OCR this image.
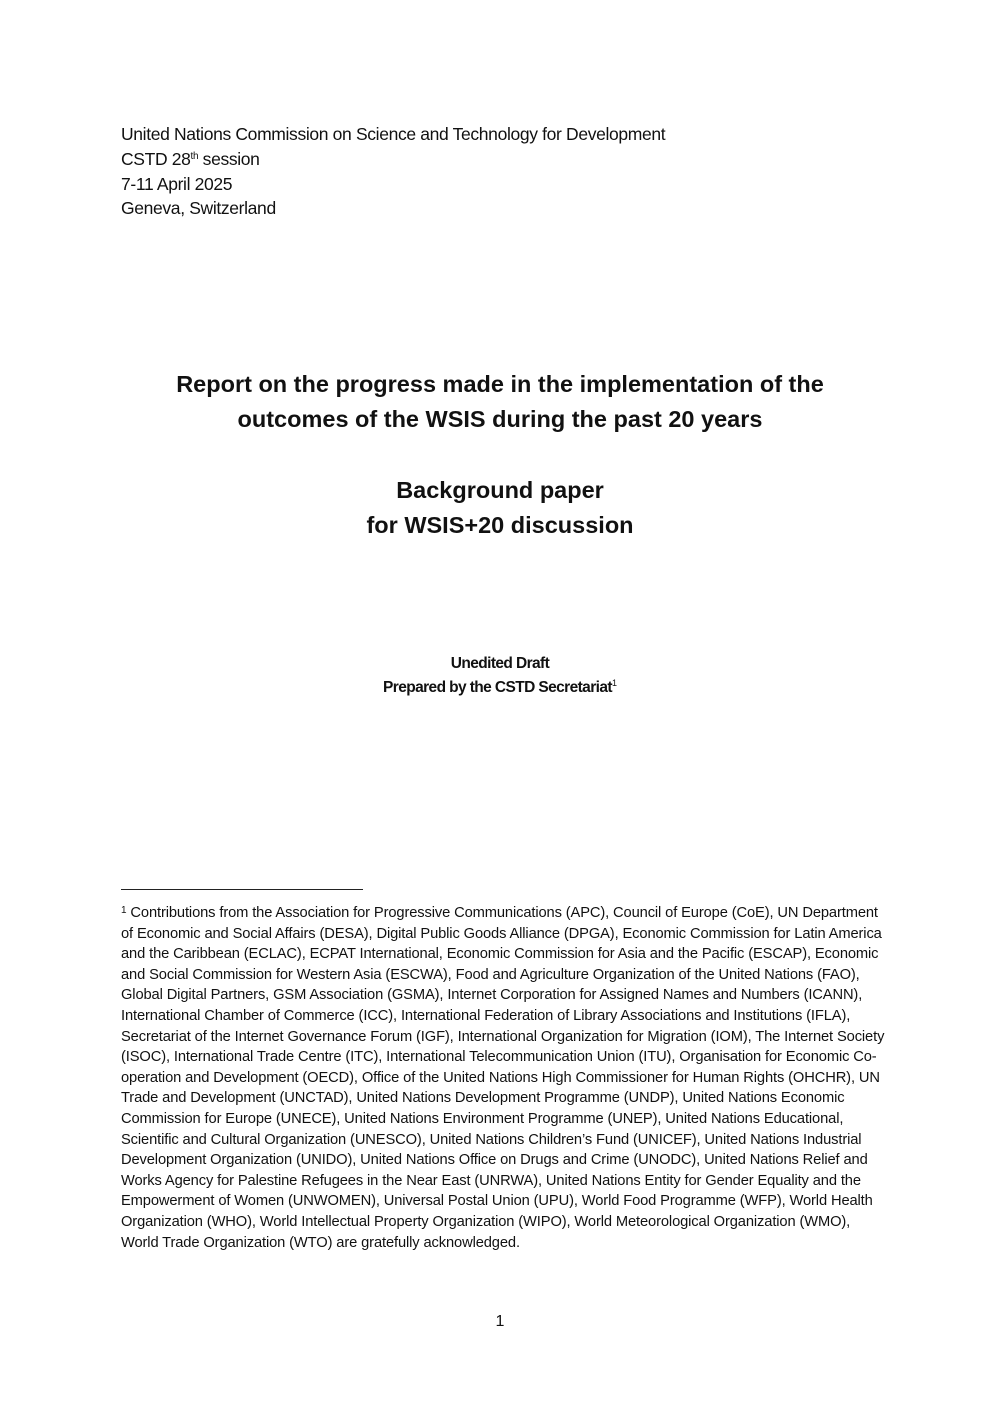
United Nations Commission on Science and Technology for Development
CSTD 28th session
7-11 April 2025
Geneva, Switzerland
Report on the progress made in the implementation of the
outcomes of the WSIS during the past 20 years
Background paper
for WSIS+20 discussion
Unedited Draft
Prepared by the CSTD Secretariat$^1$
$^1$ Contributions from the Association for Progressive Communications (APC), Council of Europe (CoE), UN Department of Economic and Social Affairs (DESA), Digital Public Goods Alliance (DPGA), Economic Commission for Latin America and the Caribbean (ECLAC), ECPAT International, Economic Commission for Asia and the Pacific (ESCAP), Economic and Social Commission for Western Asia (ESCWA), Food and Agriculture Organization of the United Nations (FAO), Global Digital Partners, GSM Association (GSMA), Internet Corporation for Assigned Names and Numbers (ICANN), International Chamber of Commerce (ICC), International Federation of Library Associations and Institutions (IFLA), Secretariat of the Internet Governance Forum (IGF), International Organization for Migration (IOM), The Internet Society (ISOC), International Trade Centre (ITC), International Telecommunication Union (ITU), Organisation for Economic Co-operation and Development (OECD), Office of the United Nations High Commissioner for Human Rights (OHCHR), UN Trade and Development (UNCTAD), United Nations Development Programme (UNDP), United Nations Economic Commission for Europe (UNECE), United Nations Environment Programme (UNEP), United Nations Educational, Scientific and Cultural Organization (UNESCO), United Nations Children’s Fund (UNICEF), United Nations Industrial Development Organization (UNIDO), United Nations Office on Drugs and Crime (UNODC), United Nations Relief and Works Agency for Palestine Refugees in the Near East (UNRWA), United Nations Entity for Gender Equality and the Empowerment of Women (UNWOMEN), Universal Postal Union (UPU), World Food Programme (WFP), World Health Organization (WHO), World Intellectual Property Organization (WIPO), World Meteorological Organization (WMO), World Trade Organization (WTO) are gratefully acknowledged.
1
